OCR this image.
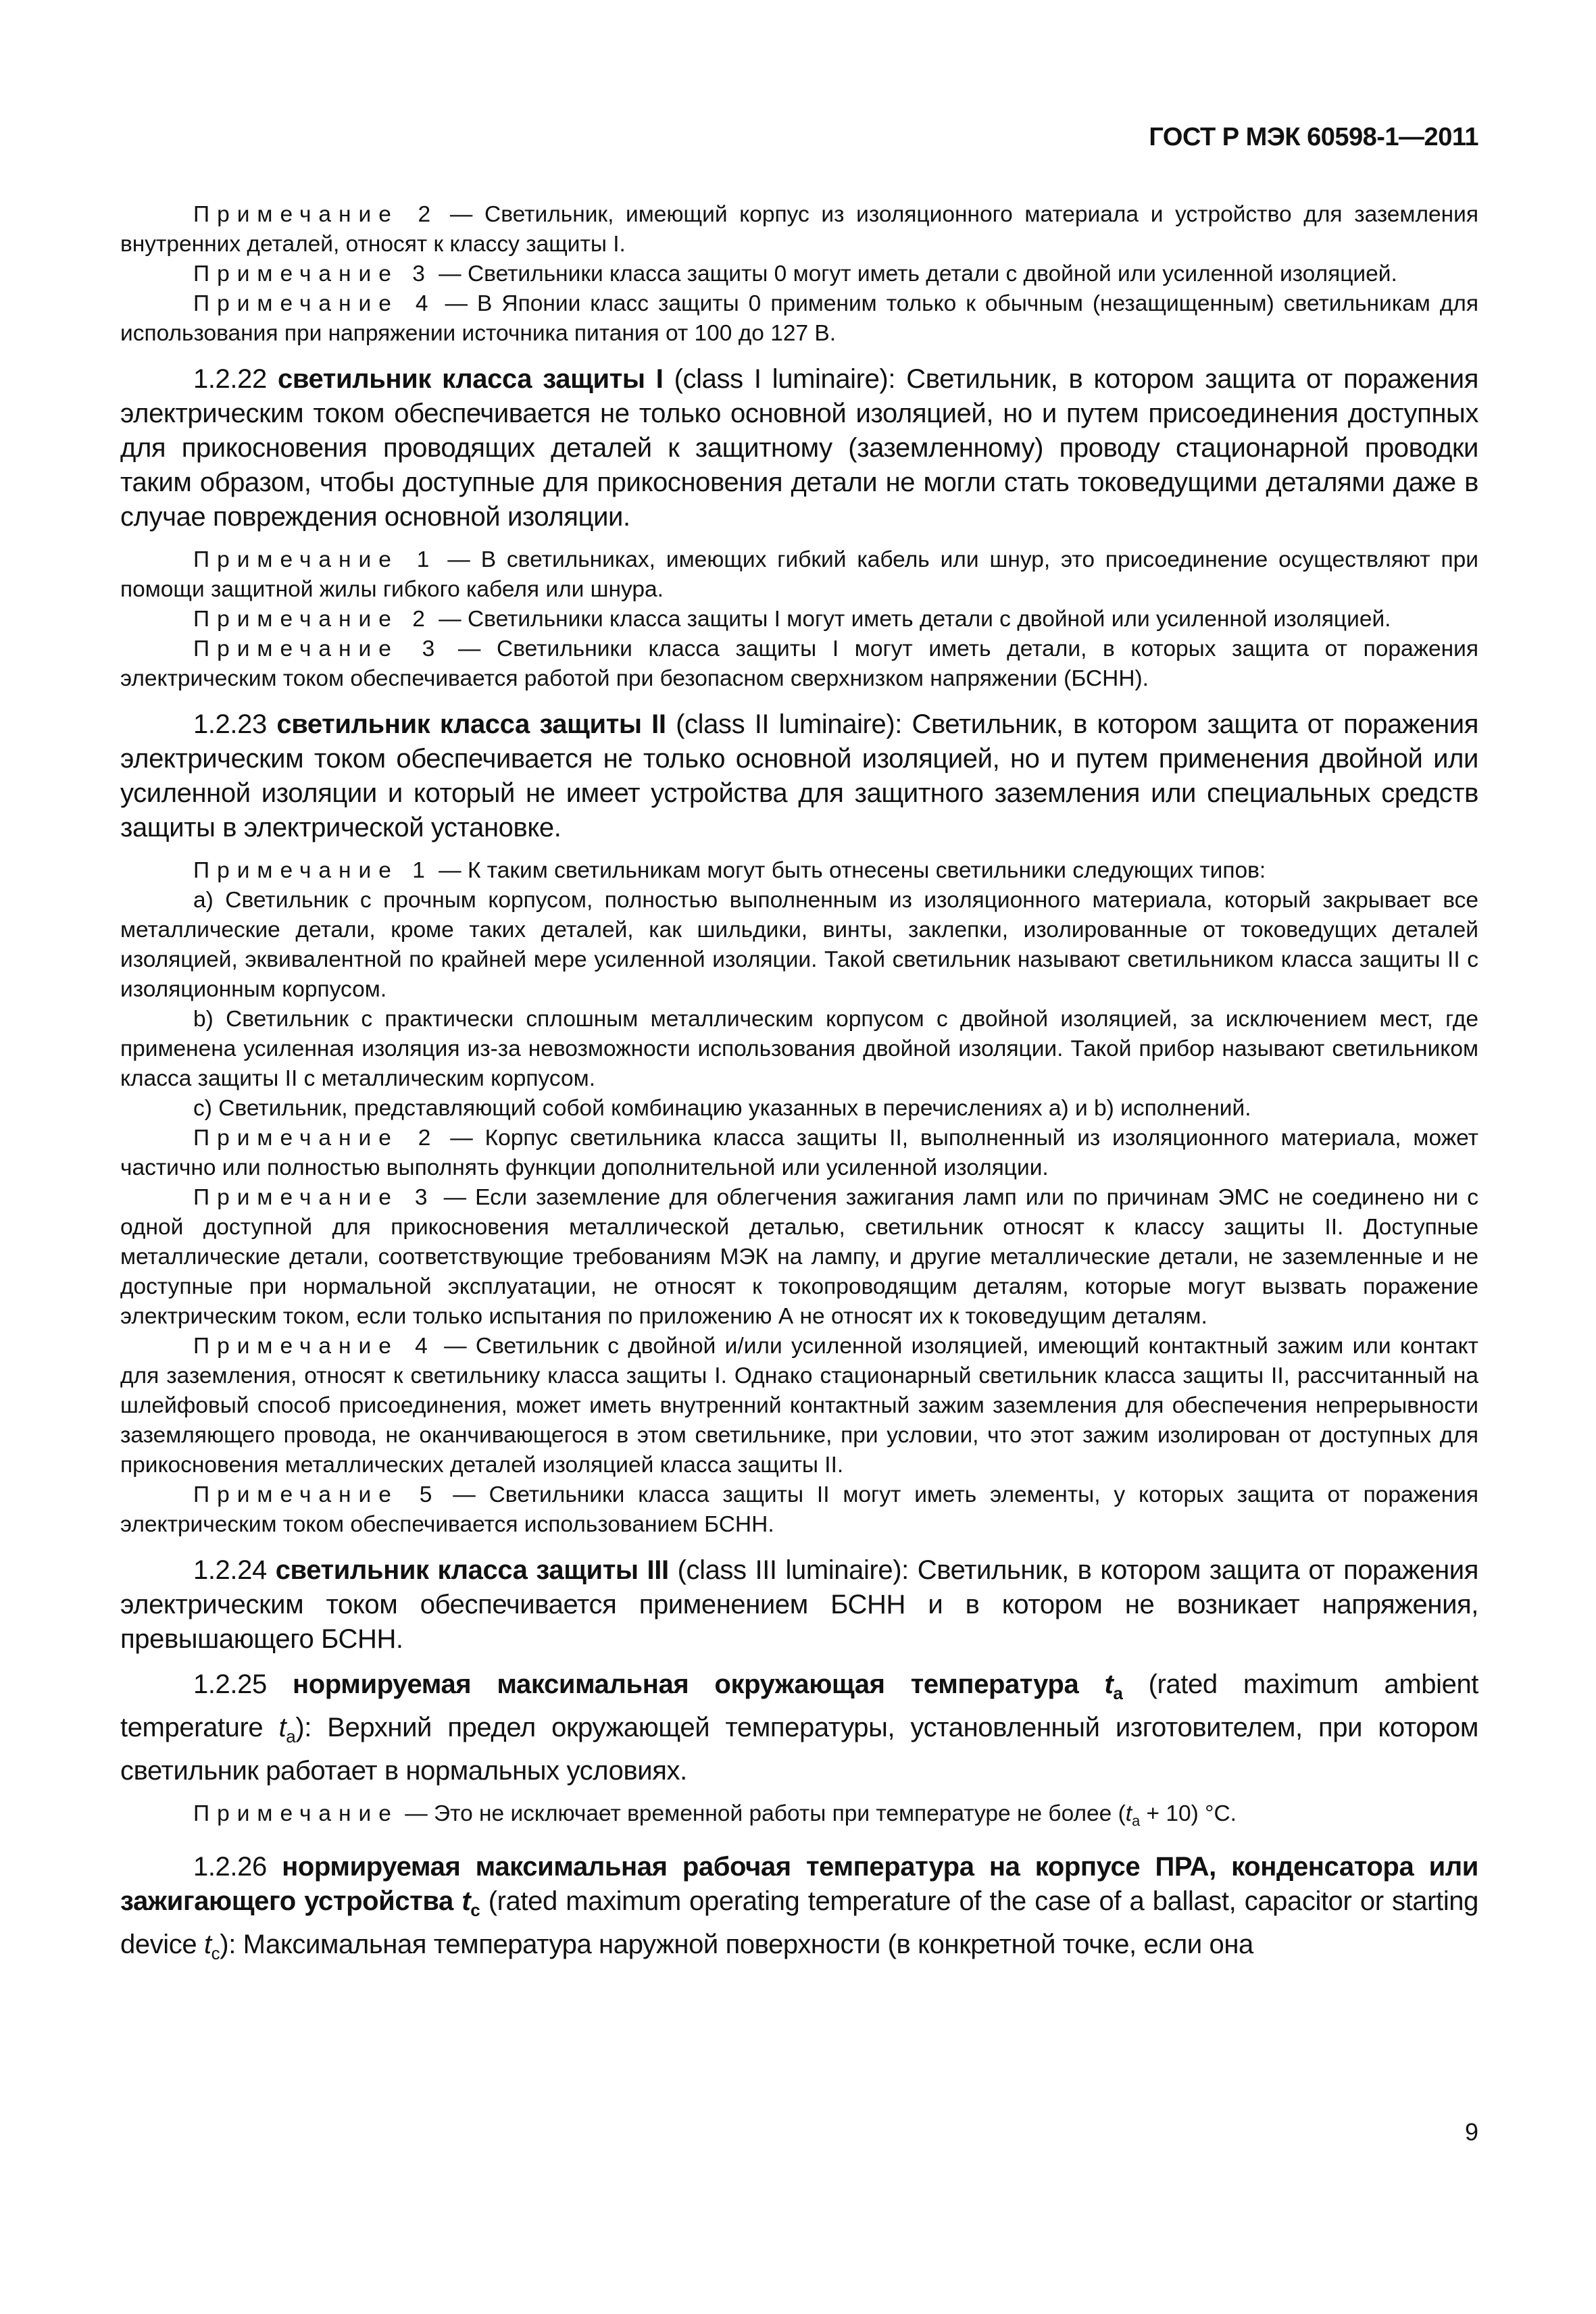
ГОСТ Р МЭК 60598-1—2011

Примечание 2 — Светильник, имеющий корпус из изоляционного материала и устройство для заземления внутренних деталей, относят к классу защиты I.

Примечание 3 — Светильники класса защиты 0 могут иметь детали с двойной или усиленной изоляцией.

Примечание 4 — В Японии класс защиты 0 применим только к обычным (незащищенным) светильникам для использования при напряжении источника питания от 100 до 127 В.

1.2.22 светильник класса защиты I (class I luminaire): Светильник, в котором защита от поражения электрическим током обеспечивается не только основной изоляцией, но и путем присоединения доступных для прикосновения проводящих деталей к защитному (заземленному) проводу стационарной проводки таким образом, чтобы доступные для прикосновения детали не могли стать токоведущими деталями даже в случае повреждения основной изоляции.

Примечание 1 — В светильниках, имеющих гибкий кабель или шнур, это присоединение осуществляют при помощи защитной жилы гибкого кабеля или шнура.

Примечание 2 — Светильники класса защиты I могут иметь детали с двойной или усиленной изоляцией.

Примечание 3 — Светильники класса защиты I могут иметь детали, в которых защита от поражения электрическим током обеспечивается работой при безопасном сверхнизком напряжении (БСНН).

1.2.23 светильник класса защиты II (class II luminaire): Светильник, в котором защита от поражения электрическим током обеспечивается не только основной изоляцией, но и путем применения двойной или усиленной изоляции и который не имеет устройства для защитного заземления или специальных средств защиты в электрической установке.

Примечание 1 — К таким светильникам могут быть отнесены светильники следующих типов:

а) Светильник с прочным корпусом, полностью выполненным из изоляционного материала, который закрывает все металлические детали, кроме таких деталей, как шильдики, винты, заклепки, изолированные от токоведущих деталей изоляцией, эквивалентной по крайней мере усиленной изоляции. Такой светильник называют светильником класса защиты II с изоляционным корпусом.

b) Светильник с практически сплошным металлическим корпусом с двойной изоляцией, за исключением мест, где применена усиленная изоляция из-за невозможности использования двойной изоляции. Такой прибор называют светильником класса защиты II с металлическим корпусом.

с) Светильник, представляющий собой комбинацию указанных в перечислениях а) и b) исполнений.

Примечание 2 — Корпус светильника класса защиты II, выполненный из изоляционного материала, может частично или полностью выполнять функции дополнительной или усиленной изоляции.

Примечание 3 — Если заземление для облегчения зажигания ламп или по причинам ЭМС не соединено ни с одной доступной для прикосновения металлической деталью, светильник относят к классу защиты II. Доступные металлические детали, соответствующие требованиям МЭК на лампу, и другие металлические детали, не заземленные и не доступные при нормальной эксплуатации, не относят к токопроводящим деталям, которые могут вызвать поражение электрическим током, если только испытания по приложению А не относят их к токоведущим деталям.

Примечание 4 — Светильник с двойной и/или усиленной изоляцией, имеющий контактный зажим или контакт для заземления, относят к светильнику класса защиты I. Однако стационарный светильник класса защиты II, рассчитанный на шлейфовый способ присоединения, может иметь внутренний контактный зажим заземления для обеспечения непрерывности заземляющего провода, не оканчивающегося в этом светильнике, при условии, что этот зажим изолирован от доступных для прикосновения металлических деталей изоляцией класса защиты II.

Примечание 5 — Светильники класса защиты II могут иметь элементы, у которых защита от поражения электрическим током обеспечивается использованием БСНН.

1.2.24 светильник класса защиты III (class III luminaire): Светильник, в котором защита от поражения электрическим током обеспечивается применением БСНН и в котором не возникает напряжения, превышающего БСНН.

1.2.25 нормируемая максимальная окружающая температура $t_a$ (rated maximum ambient temperature $t_a$): Верхний предел окружающей температуры, установленный изготовителем, при котором светильник работает в нормальных условиях.

Примечание — Это не исключает временной работы при температуре не более $(t_a + 10)$ °С.

1.2.26 нормируемая максимальная рабочая температура на корпусе ПРА, конденсатора или зажигающего устройства $t_c$ (rated maximum operating temperature of the case of a ballast, capacitor or starting device $t_c$): Максимальная температура наружной поверхности (в конкретной точке, если она

9
